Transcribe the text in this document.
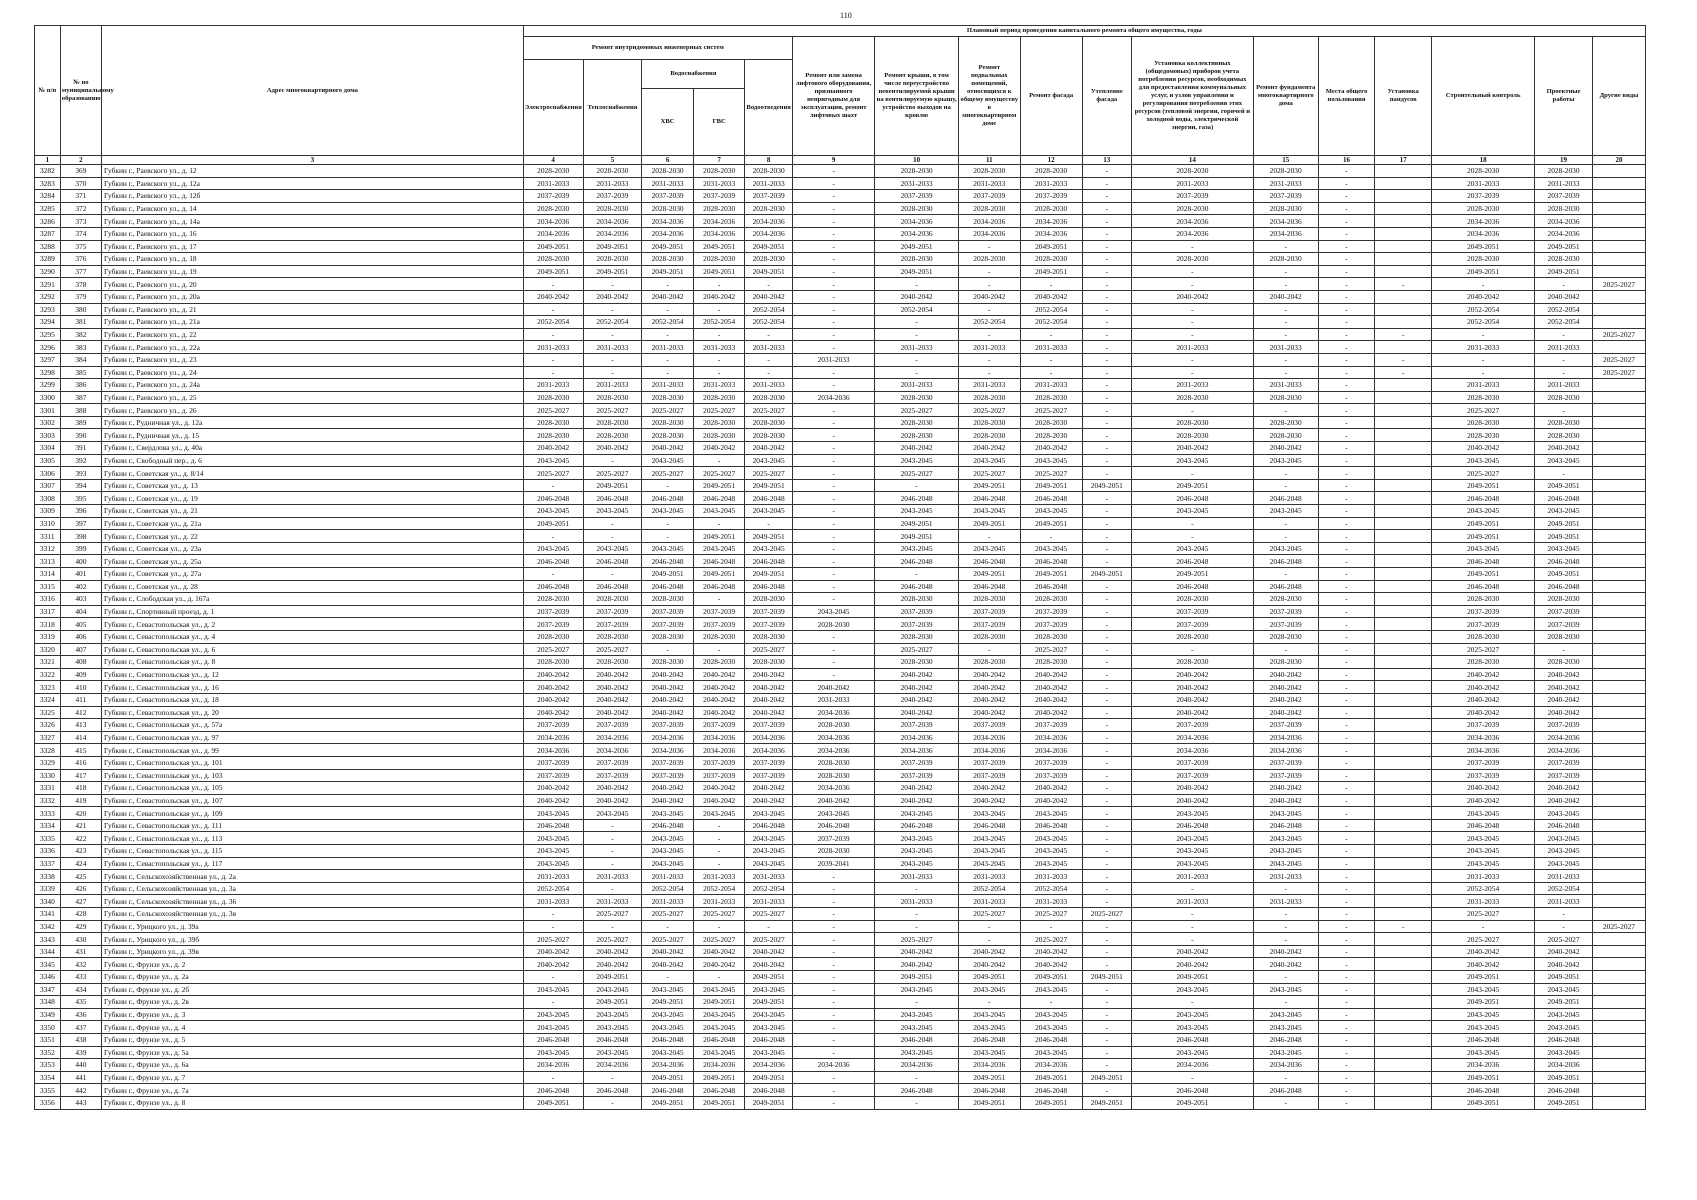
110
№ п/п	№ по муниципальному образованию	Адрес многоквартирного дома	Плановый период проведения капитального ремонта общего имущества, годы																
			Ремонт внутридомовых инженерных систем					Ремонт или замена лифтового оборудования, признанного непригодным для эксплуатации, ремонт лифтовых шахт	Ремонт крыши, в том числе переустройство невентилируемой крыши на вентилируемую крышу, устройство выходов на кровлю	Ремонт подвальных помещений, относящихся к общему имуществу в многоквартирном доме	Ремонт фасада	Утепление фасада	Установка коллективных (общедомовых) приборов учета потребления ресурсов, необходимых для предоставления коммунальных услуг, и узлов управления и регулирования потребления этих ресурсов (тепловой энергии, горячей и холодной воды, электрической энергии, газа)	Ремонт фундамента многоквартирного дома	Места общего пользования	Установка пандусов	Строительный контроль	Проектные работы	Другие виды
			Электроснабжения	Теплоснабжения	Водоснабжения		Водоотведения												
					ХВС	ГВС													
1	2	3	4	5	6	7	8	9	10	11	12	13	14	15	16	17	18	19	20
3282	369	Губкин г., Раевского ул., д. 12	2028-2030	2028-2030	2028-2030	2028-2030	2028-2030	-	2028-2030	2028-2030	2028-2030	-	2028-2030	2028-2030	-		2028-2030	2028-2030	
3283	370	Губкин г., Раевского ул., д. 12а	2031-2033	2031-2033	2031-2033	2031-2033	2031-2033	-	2031-2033	2031-2033	2031-2033	-	2031-2033	2031-2033	-		2031-2033	2031-2033	
3284	371	Губкин г., Раевского ул., д. 12б	2037-2039	2037-2039	2037-2039	2037-2039	2037-2039	-	2037-2039	2037-2039	2037-2039	-	2037-2039	2037-2039	-		2037-2039	2037-2039	
3285	372	Губкин г., Раевского ул., д. 14	2028-2030	2028-2030	2028-2030	2028-2030	2028-2030	-	2028-2030	2028-2030	2028-2030	-	2028-2030	2028-2030	-		2028-2030	2028-2030	
3286	373	Губкин г., Раевского ул., д. 14а	2034-2036	2034-2036	2034-2036	2034-2036	2034-2036	-	2034-2036	2034-2036	2034-2036	-	2034-2036	2034-2036	-		2034-2036	2034-2036	
3287	374	Губкин г., Раевского ул., д. 16	2034-2036	2034-2036	2034-2036	2034-2036	2034-2036	-	2034-2036	2034-2036	2034-2036	-	2034-2036	2034-2036	-		2034-2036	2034-2036	
3288	375	Губкин г., Раевского ул., д. 17	2049-2051	2049-2051	2049-2051	2049-2051	2049-2051	-	2049-2051	-	2049-2051	-	-	-	-		2049-2051	2049-2051	
3289	376	Губкин г., Раевского ул., д. 18	2028-2030	2028-2030	2028-2030	2028-2030	2028-2030	-	2028-2030	2028-2030	2028-2030	-	2028-2030	2028-2030	-		2028-2030	2028-2030	
3290	377	Губкин г., Раевского ул., д. 19	2049-2051	2049-2051	2049-2051	2049-2051	2049-2051	-	2049-2051	-	2049-2051	-	-	-	-		2049-2051	2049-2051	
3291	378	Губкин г., Раевского ул., д. 20	-	-	-	-	-	-	-	-	-	-	-	-	-	-	-	-	2025-2027
3292	379	Губкин г., Раевского ул., д. 20а	2040-2042	2040-2042	2040-2042	2040-2042	2040-2042	-	2040-2042	2040-2042	2040-2042	-	2040-2042	2040-2042	-		2040-2042	2040-2042	
3293	380	Губкин г., Раевского ул., д. 21	-	-	-	-	2052-2054	-	2052-2054	-	2052-2054	-	-	-	-		2052-2054	2052-2054	
3294	381	Губкин г., Раевского ул., д. 21а	2052-2054	2052-2054	2052-2054	2052-2054	2052-2054	-	-	2052-2054	2052-2054	-	-	-	-		2052-2054	2052-2054	
3295	382	Губкин г., Раевского ул., д. 22	-	-	-	-	-	-	-	-	-	-	-	-	-	-	-	-	2025-2027
3296	383	Губкин г., Раевского ул., д. 22а	2031-2033	2031-2033	2031-2033	2031-2033	2031-2033	-	2031-2033	2031-2033	2031-2033	-	2031-2033	2031-2033	-		2031-2033	2031-2033	
3297	384	Губкин г., Раевского ул., д. 23	-	-	-	-	-	2031-2033	-	-	-	-	-	-	-	-	-	-	2025-2027
3298	385	Губкин г., Раевского ул., д. 24	-	-	-	-	-	-	-	-	-	-	-	-	-	-	-	-	2025-2027
3299	386	Губкин г., Раевского ул., д. 24а	2031-2033	2031-2033	2031-2033	2031-2033	2031-2033	-	2031-2033	2031-2033	2031-2033	-	2031-2033	2031-2033	-		2031-2033	2031-2033	
3300	387	Губкин г., Раевского ул., д. 25	2028-2030	2028-2030	2028-2030	2028-2030	2028-2030	2034-2036	2028-2030	2028-2030	2028-2030	-	2028-2030	2028-2030	-		2028-2030	2028-2030	
3301	388	Губкин г., Раевского ул., д. 26	2025-2027	2025-2027	2025-2027	2025-2027	2025-2027	-	2025-2027	2025-2027	2025-2027	-	-	-	-		2025-2027	-	
3302	389	Губкин г., Рудничная ул., д. 12а	2028-2030	2028-2030	2028-2030	2028-2030	2028-2030	-	2028-2030	2028-2030	2028-2030	-	2028-2030	2028-2030	-		2028-2030	2028-2030	
3303	390	Губкин г., Рудничная ул., д. 15	2028-2030	2028-2030	2028-2030	2028-2030	2028-2030	-	2028-2030	2028-2030	2028-2030	-	2028-2030	2028-2030	-		2028-2030	2028-2030	
3304	391	Губкин г., Свердлова ул., д. 40а	2040-2042	2040-2042	2040-2042	2040-2042	2040-2042	-	2040-2042	2040-2042	2040-2042	-	2040-2042	2040-2042	-		2040-2042	2040-2042	
3305	392	Губкин г., Свободный пер., д. 6	2043-2045	-	2043-2045	-	2043-2045	-	2043-2045	2043-2045	2043-2045	-	2043-2045	2043-2045	-		2043-2045	2043-2045	
3306	393	Губкин г., Советская ул., д. 8/14	2025-2027	2025-2027	2025-2027	2025-2027	2025-2027	-	2025-2027	2025-2027	2025-2027	-	-	-	-		2025-2027	-	
3307	394	Губкин г., Советская ул., д. 13	-	2049-2051	-	2049-2051	2049-2051	-	-	2049-2051	2049-2051	2049-2051	2049-2051	-	-		2049-2051	2049-2051	
3308	395	Губкин г., Советская ул., д. 19	2046-2048	2046-2048	2046-2048	2046-2048	2046-2048	-	2046-2048	2046-2048	2046-2048	-	2046-2048	2046-2048	-		2046-2048	2046-2048	
3309	396	Губкин г., Советская ул., д. 21	2043-2045	2043-2045	2043-2045	2043-2045	2043-2045	-	2043-2045	2043-2045	2043-2045	-	2043-2045	2043-2045	-		2043-2045	2043-2045	
3310	397	Губкин г., Советская ул., д. 21а	2049-2051	-	-	-	-	-	2049-2051	2049-2051	2049-2051	-	-	-	-		2049-2051	2049-2051	
3311	398	Губкин г., Советская ул., д. 22	-	-	-	2049-2051	2049-2051	-	2049-2051	-	-	-	-	-	-		2049-2051	2049-2051	
3312	399	Губкин г., Советская ул., д. 23а	2043-2045	2043-2045	2043-2045	2043-2045	2043-2045	-	2043-2045	2043-2045	2043-2045	-	2043-2045	2043-2045	-		2043-2045	2043-2045	
3313	400	Губкин г., Советская ул., д. 25а	2046-2048	2046-2048	2046-2048	2046-2048	2046-2048	-	2046-2048	2046-2048	2046-2048	-	2046-2048	2046-2048	-		2046-2048	2046-2048	
3314	401	Губкин г., Советская ул., д. 27а	-	-	2049-2051	2049-2051	2049-2051	-	-	2049-2051	2049-2051	2049-2051	2049-2051	-	-		2049-2051	2049-2051	
3315	402	Губкин г., Советская ул., д. 28	2046-2048	2046-2048	2046-2048	2046-2048	2046-2048	-	2046-2048	2046-2048	2046-2048	-	2046-2048	2046-2048	-		2046-2048	2046-2048	
3316	403	Губкин г., Слободская ул., д. 167а	2028-2030	2028-2030	2028-2030	-	2028-2030	-	2028-2030	2028-2030	2028-2030	-	2028-2030	2028-2030	-		2028-2030	2028-2030	
3317	404	Губкин г., Спортивный проезд, д. 1	2037-2039	2037-2039	2037-2039	2037-2039	2037-2039	2043-2045	2037-2039	2037-2039	2037-2039	-	2037-2039	2037-2039	-		2037-2039	2037-2039	
3318	405	Губкин г., Севастопольская ул., д. 2	2037-2039	2037-2039	2037-2039	2037-2039	2037-2039	2028-2030	2037-2039	2037-2039	2037-2039	-	2037-2039	2037-2039	-		2037-2039	2037-2039	
3319	406	Губкин г., Севастопольская ул., д. 4	2028-2030	2028-2030	2028-2030	2028-2030	2028-2030	-	2028-2030	2028-2030	2028-2030	-	2028-2030	2028-2030	-		2028-2030	2028-2030	
3320	407	Губкин г., Севастопольская ул., д. 6	2025-2027	2025-2027	-	-	2025-2027	-	2025-2027	-	2025-2027	-	-	-	-		2025-2027	-	
3321	408	Губкин г., Севастопольская ул., д. 8	2028-2030	2028-2030	2028-2030	2028-2030	2028-2030	-	2028-2030	2028-2030	2028-2030	-	2028-2030	2028-2030	-		2028-2030	2028-2030	
3322	409	Губкин г., Севастопольская ул., д. 12	2040-2042	2040-2042	2040-2042	2040-2042	2040-2042	-	2040-2042	2040-2042	2040-2042	-	2040-2042	2040-2042	-		2040-2042	2040-2042	
3323	410	Губкин г., Севастопольская ул., д. 16	2040-2042	2040-2042	2040-2042	2040-2042	2040-2042	2040-2042	2040-2042	2040-2042	2040-2042	-	2040-2042	2040-2042	-		2040-2042	2040-2042	
3324	411	Губкин г., Севастопольская ул., д. 18	2040-2042	2040-2042	2040-2042	2040-2042	2040-2042	2031-2033	2040-2042	2040-2042	2040-2042	-	2040-2042	2040-2042	-		2040-2042	2040-2042	
3325	412	Губкин г., Севастопольская ул., д. 20	2040-2042	2040-2042	2040-2042	2040-2042	2040-2042	2034-2036	2040-2042	2040-2042	2040-2042	-	2040-2042	2040-2042	-		2040-2042	2040-2042	
3326	413	Губкин г., Севастопольская ул., д. 57а	2037-2039	2037-2039	2037-2039	2037-2039	2037-2039	2028-2030	2037-2039	2037-2039	2037-2039	-	2037-2039	2037-2039	-		2037-2039	2037-2039	
3327	414	Губкин г., Севастопольская ул., д. 97	2034-2036	2034-2036	2034-2036	2034-2036	2034-2036	2034-2036	2034-2036	2034-2036	2034-2036	-	2034-2036	2034-2036	-		2034-2036	2034-2036	
3328	415	Губкин г., Севастопольская ул., д. 99	2034-2036	2034-2036	2034-2036	2034-2036	2034-2036	2034-2036	2034-2036	2034-2036	2034-2036	-	2034-2036	2034-2036	-		2034-2036	2034-2036	
3329	416	Губкин г., Севастопольская ул., д. 101	2037-2039	2037-2039	2037-2039	2037-2039	2037-2039	2028-2030	2037-2039	2037-2039	2037-2039	-	2037-2039	2037-2039	-		2037-2039	2037-2039	
3330	417	Губкин г., Севастопольская ул., д. 103	2037-2039	2037-2039	2037-2039	2037-2039	2037-2039	2028-2030	2037-2039	2037-2039	2037-2039	-	2037-2039	2037-2039	-		2037-2039	2037-2039	
3331	418	Губкин г., Севастопольская ул., д. 105	2040-2042	2040-2042	2040-2042	2040-2042	2040-2042	2034-2036	2040-2042	2040-2042	2040-2042	-	2040-2042	2040-2042	-		2040-2042	2040-2042	
3332	419	Губкин г., Севастопольская ул., д. 107	2040-2042	2040-2042	2040-2042	2040-2042	2040-2042	2040-2042	2040-2042	2040-2042	2040-2042	-	2040-2042	2040-2042	-		2040-2042	2040-2042	
3333	420	Губкин г., Севастопольская ул., д. 109	2043-2045	2043-2045	2043-2045	2043-2045	2043-2045	2043-2045	2043-2045	2043-2045	2043-2045	-	2043-2045	2043-2045	-		2043-2045	2043-2045	
3334	421	Губкин г., Севастопольская ул., д. 111	2046-2048	-	2046-2048	-	2046-2048	2046-2048	2046-2048	2046-2048	2046-2048	-	2046-2048	2046-2048	-		2046-2048	2046-2048	
3335	422	Губкин г., Севастопольская ул., д. 113	2043-2045	-	2043-2045	-	2043-2045	2037-2039	2043-2045	2043-2045	2043-2045	-	2043-2045	2043-2045	-		2043-2045	2043-2045	
3336	423	Губкин г., Севастопольская ул., д. 115	2043-2045	-	2043-2045	-	2043-2045	2028-2030	2043-2045	2043-2045	2043-2045	-	2043-2045	2043-2045	-		2043-2045	2043-2045	
3337	424	Губкин г., Севастопольская ул., д. 117	2043-2045	-	2043-2045	-	2043-2045	2039-2041	2043-2045	2043-2045	2043-2045	-	2043-2045	2043-2045	-		2043-2045	2043-2045	
3338	425	Губкин г., Сельскохозяйственная ул., д. 2а	2031-2033	2031-2033	2031-2033	2031-2033	2031-2033	-	2031-2033	2031-2033	2031-2033	-	2031-2033	2031-2033	-		2031-2033	2031-2033	
3339	426	Губкин г., Сельскохозяйственная ул., д. 3а	2052-2054	-	2052-2054	2052-2054	2052-2054	-	-	2052-2054	2052-2054	-	-	-	-		2052-2054	2052-2054	
3340	427	Губкин г., Сельскохозяйственная ул., д. 36	2031-2033	2031-2033	2031-2033	2031-2033	2031-2033	-	2031-2033	2031-2033	2031-2033	-	2031-2033	2031-2033	-		2031-2033	2031-2033	
3341	428	Губкин г., Сельскохозяйственная ул., д. 3в	-	2025-2027	2025-2027	2025-2027	2025-2027	-	-	2025-2027	2025-2027	2025-2027	-	-	-		2025-2027	-	
3342	429	Губкин г., Урицкого ул., д. 39а	-	-	-	-	-	-	-	-	-	-	-	-	-	-	-	-	2025-2027
3343	430	Губкин г., Урицкого ул., д. 39б	2025-2027	2025-2027	2025-2027	2025-2027	2025-2027	-	2025-2027	-	2025-2027	-	-	-	-		2025-2027	2025-2027	
3344	431	Губкин г., Урицкого ул., д. 39в	2040-2042	2040-2042	2040-2042	2040-2042	2040-2042	-	2040-2042	2040-2042	2040-2042	-	2040-2042	2040-2042	-		2040-2042	2040-2042	
3345	432	Губкин г., Фрунзе ул., д. 2	2040-2042	2040-2042	2040-2042	2040-2042	2040-2042	-	2040-2042	2040-2042	2040-2042	-	2040-2042	2040-2042	-		2040-2042	2040-2042	
3346	433	Губкин г., Фрунзе ул., д. 2а	-	2049-2051	-	-	2049-2051	-	2049-2051	2049-2051	2049-2051	2049-2051	2049-2051	-	-		2049-2051	2049-2051	
3347	434	Губкин г., Фрунзе ул., д. 2б	2043-2045	2043-2045	2043-2045	2043-2045	2043-2045	-	2043-2045	2043-2045	2043-2045	-	2043-2045	2043-2045	-		2043-2045	2043-2045	
3348	435	Губкин г., Фрунзе ул., д. 2в	-	2049-2051	2049-2051	2049-2051	2049-2051	-	-	-	-	-	-	-	-		2049-2051	2049-2051	
3349	436	Губкин г., Фрунзе ул., д. 3	2043-2045	2043-2045	2043-2045	2043-2045	2043-2045	-	2043-2045	2043-2045	2043-2045	-	2043-2045	2043-2045	-		2043-2045	2043-2045	
3350	437	Губкин г., Фрунзе ул., д. 4	2043-2045	2043-2045	2043-2045	2043-2045	2043-2045	-	2043-2045	2043-2045	2043-2045	-	2043-2045	2043-2045	-		2043-2045	2043-2045	
3351	438	Губкин г., Фрунзе ул., д. 5	2046-2048	2046-2048	2046-2048	2046-2048	2046-2048	-	2046-2048	2046-2048	2046-2048	-	2046-2048	2046-2048	-		2046-2048	2046-2048	
3352	439	Губкин г., Фрунзе ул., д. 5а	2043-2045	2043-2045	2043-2045	2043-2045	2043-2045	-	2043-2045	2043-2045	2043-2045	-	2043-2045	2043-2045	-		2043-2045	2043-2045	
3353	440	Губкин г., Фрунзе ул., д. 6а	2034-2036	2034-2036	2034-2036	2034-2036	2034-2036	2034-2036	2034-2036	2034-2036	2034-2036	-	2034-2036	2034-2036	-		2034-2036	2034-2036	
3354	441	Губкин г., Фрунзе ул., д. 7	-	-	2049-2051	2049-2051	2049-2051	-	-	2049-2051	2049-2051	2049-2051	-	-	-		2049-2051	2049-2051	
3355	442	Губкин г., Фрунзе ул., д. 7а	2046-2048	2046-2048	2046-2048	2046-2048	2046-2048	-	2046-2048	2046-2048	2046-2048	-	2046-2048	2046-2048	-		2046-2048	2046-2048	
3356	443	Губкин г., Фрунзе ул., д. 8	2049-2051	-	2049-2051	2049-2051	2049-2051	-	-	2049-2051	2049-2051	2049-2051	2049-2051	-	-		2049-2051	2049-2051	
